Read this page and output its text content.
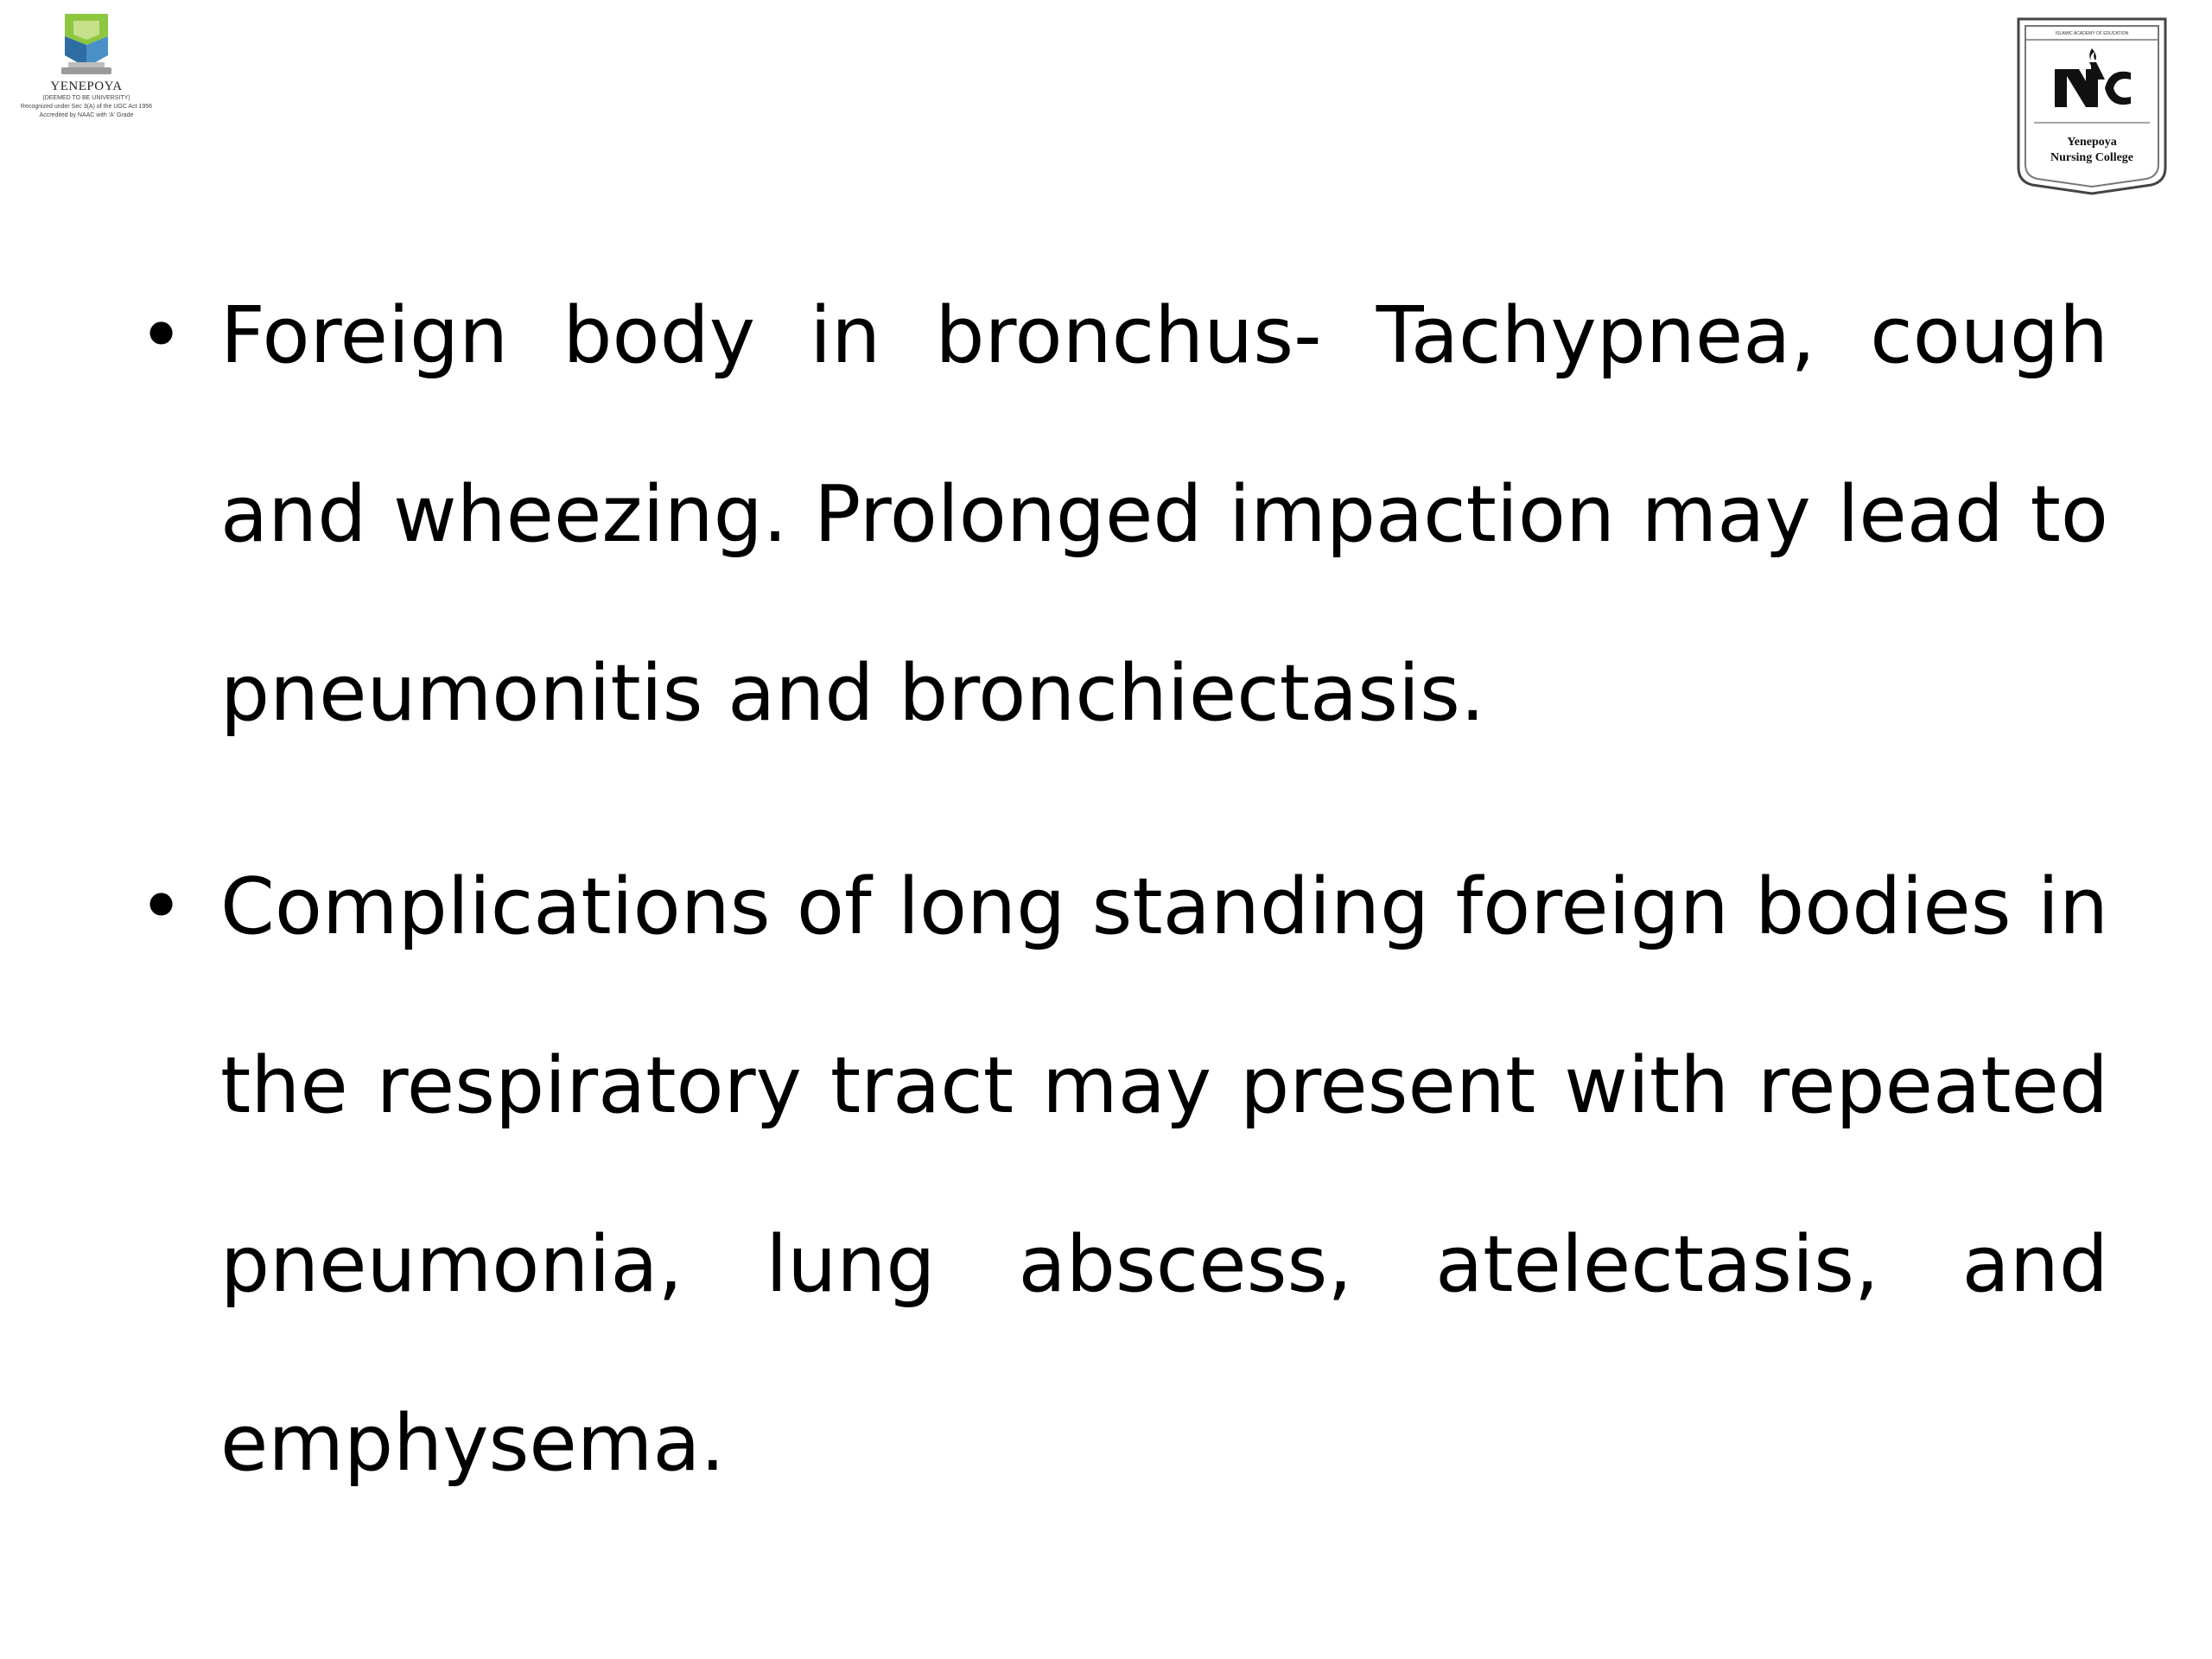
YENEPOYA
(DEEMED TO BE UNIVERSITY)
Recognized under Sec 3(A) of the UGC Act 1956
Accredited by NAAC with 'A' Grade
ISLAMIC ACADEMY OF EDUCATION
Yenepoya
Nursing College
• Foreign body in bronchus- Tachypnea, cough and wheezing. Prolonged impaction may lead to pneumonitis and bronchiectasis.
• Complications of long standing foreign bodies in the respiratory tract may present with repeated pneumonia, lung abscess, atelectasis, and emphysema.
